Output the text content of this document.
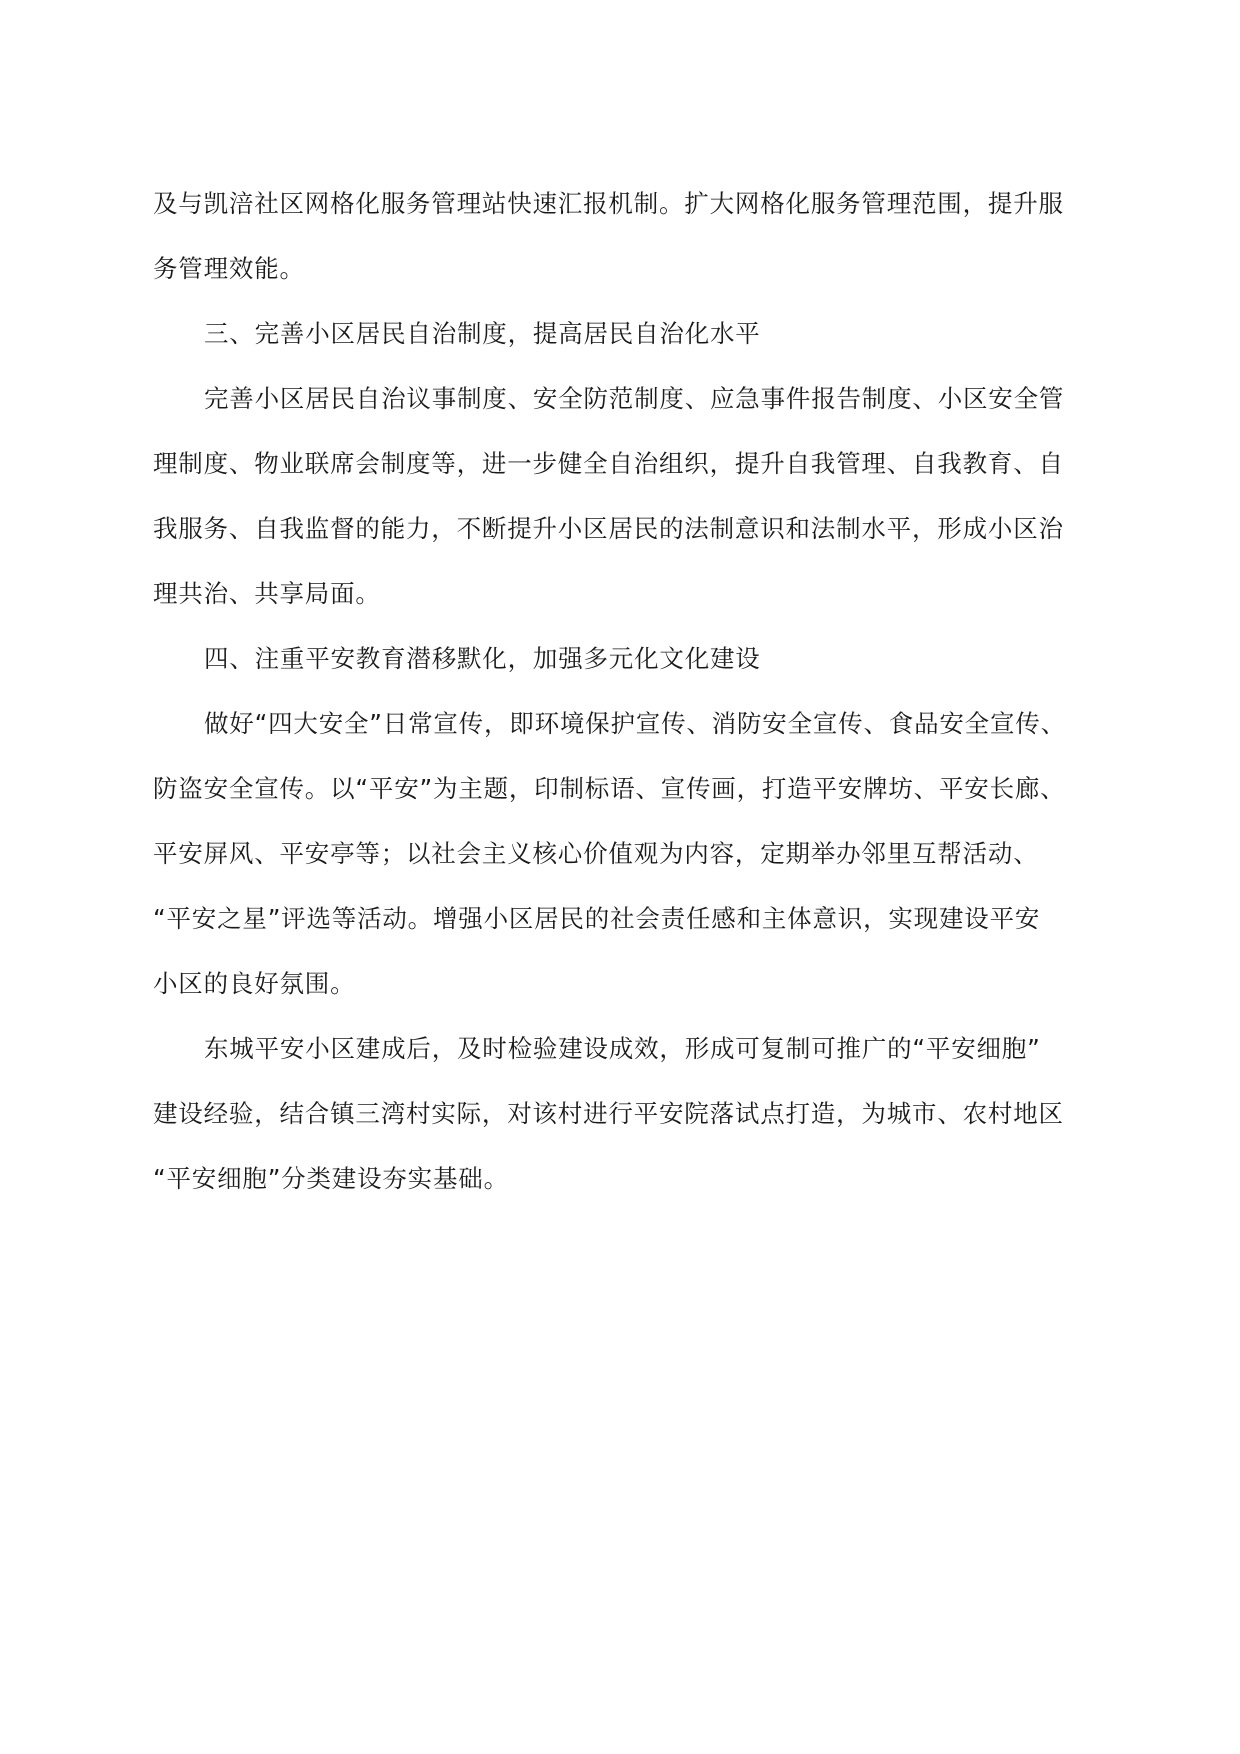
及与凯涪社区网格化服务管理站快速汇报机制。扩大网格化服务管理范围，提升服
务管理效能。
三、完善小区居民自治制度，提高居民自治化水平
完善小区居民自治议事制度、安全防范制度、应急事件报告制度、小区安全管
理制度、物业联席会制度等，进一步健全自治组织，提升自我管理、自我教育、自
我服务、自我监督的能力，不断提升小区居民的法制意识和法制水平，形成小区治
理共治、共享局面。
四、注重平安教育潜移默化，加强多元化文化建设
做好“四大安全”日常宣传，即环境保护宣传、消防安全宣传、食品安全宣传、
防盗安全宣传。以“平安”为主题，印制标语、宣传画，打造平安牌坊、平安长廊、
平安屏风、平安亭等；以社会主义核心价值观为内容，定期举办邻里互帮活动、
“平安之星”评选等活动。增强小区居民的社会责任感和主体意识，实现建设平安
小区的良好氛围。
东城平安小区建成后，及时检验建设成效，形成可复制可推广的“平安细胞”
建设经验，结合镇三湾村实际，对该村进行平安院落试点打造，为城市、农村地区
“平安细胞”分类建设夯实基础。
